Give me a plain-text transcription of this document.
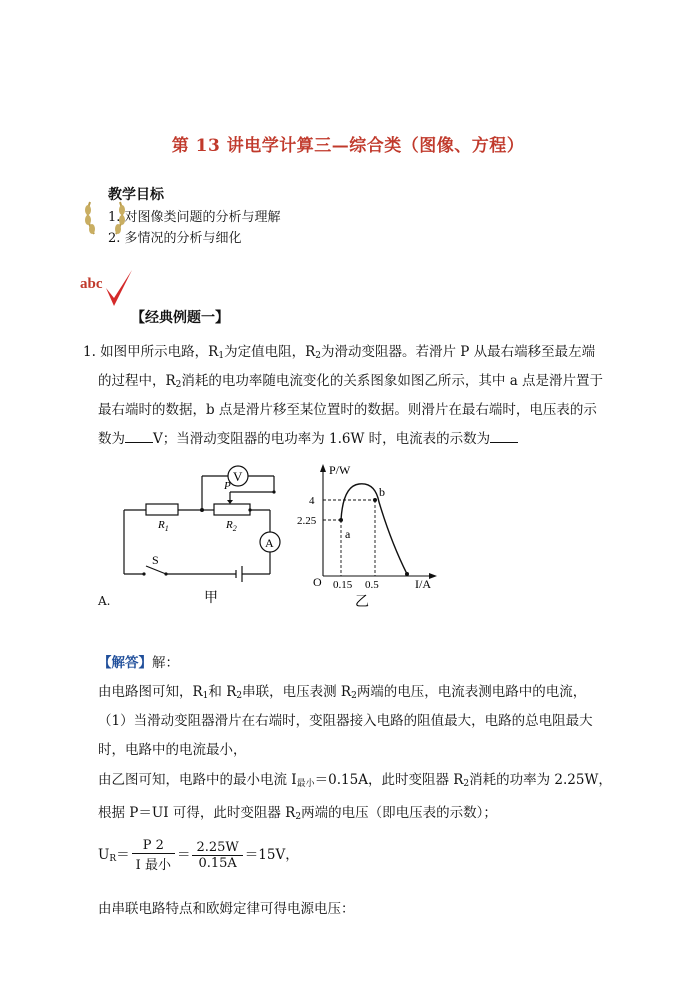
第 13 讲电学计算三—综合类（图像、方程）
教学目标
1. 对图像类问题的分析与理解
2. 多情况的分析与细化
abc
【经典例题一】
1. 如图甲所示电路，$R_1$为定值电阻，$R_2$为滑动变阻器。若滑片 P 从最右端移至最左端
的过程中，$R_2$消耗的电功率随电流变化的关系图象如图乙所示，其中 a 点是滑片置于
最右端时的数据，b 点是滑片移至某位置时的数据。则滑片在最右端时，电压表的示
数为 V；当滑动变阻器的电功率为 1.6W 时，电流表的示数为
V
A
P
$R_1$	$R_2$
S
甲
P/W
I/A
O
4
2.25
0.15 0.5
a
b
乙
A.
【解答】解：
由电路图可知，$R_1$和 $R_2$串联，电压表测 $R_2$两端的电压，电流表测电路中的电流，
（1）当滑动变阻器滑片在右端时，变阻器接入电路的阻值最大，电路的总电阻最大
时，电路中的电流最小，
由乙图可知，电路中的最小电流 $I_{最小}=0.15A$，此时变阻器 $R_2$消耗的功率为 2.25W，
根据 P＝UI 可得，此时变阻器 $R_2$两端的电压（即电压表的示数）；
$U_R= \frac{P 2}{\text{I 最小}} = \frac{2.25W}{0.15A} =15V$，
由串联电路特点和欧姆定律可得电源电压：
